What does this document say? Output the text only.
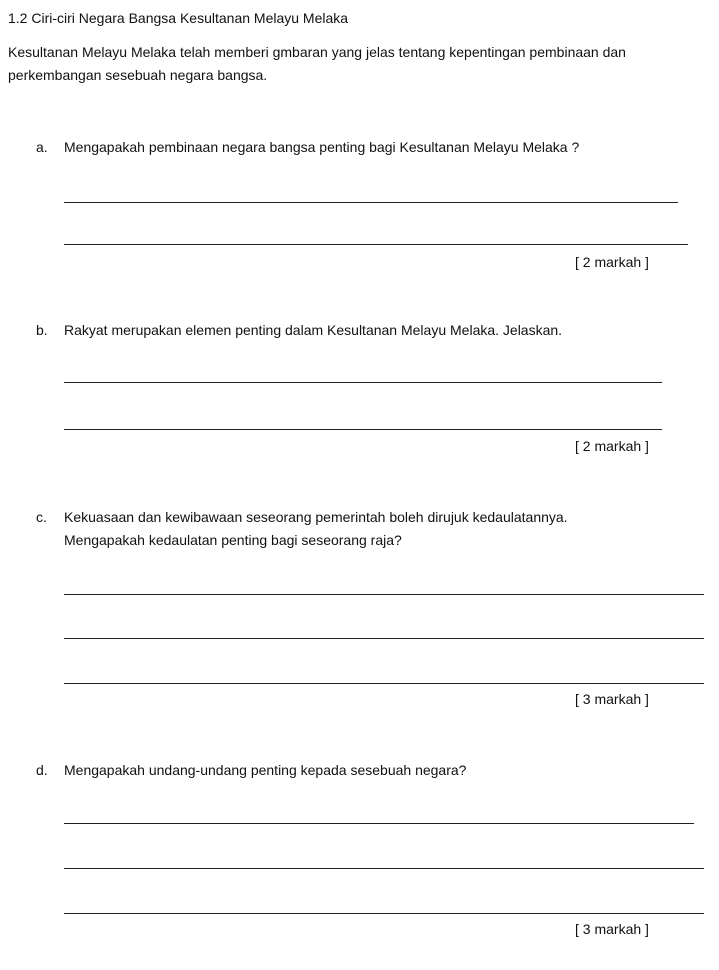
1.2 Ciri-ciri Negara Bangsa Kesultanan Melayu Melaka
Kesultanan Melayu Melaka telah memberi gmbaran yang jelas tentang kepentingan pembinaan dan
perkembangan sesebuah negara bangsa.
a. Mengapakah pembinaan negara bangsa penting bagi Kesultanan Melayu Melaka ?
[ 2 markah ]
b. Rakyat merupakan elemen penting dalam Kesultanan Melayu Melaka. Jelaskan.
[ 2 markah ]
c. Kekuasaan dan kewibawaan seseorang pemerintah boleh dirujuk kedaulatannya.
Mengapakah kedaulatan penting bagi seseorang raja?
[ 3 markah ]
d. Mengapakah undang-undang penting kepada sesebuah negara?
[ 3 markah ]
